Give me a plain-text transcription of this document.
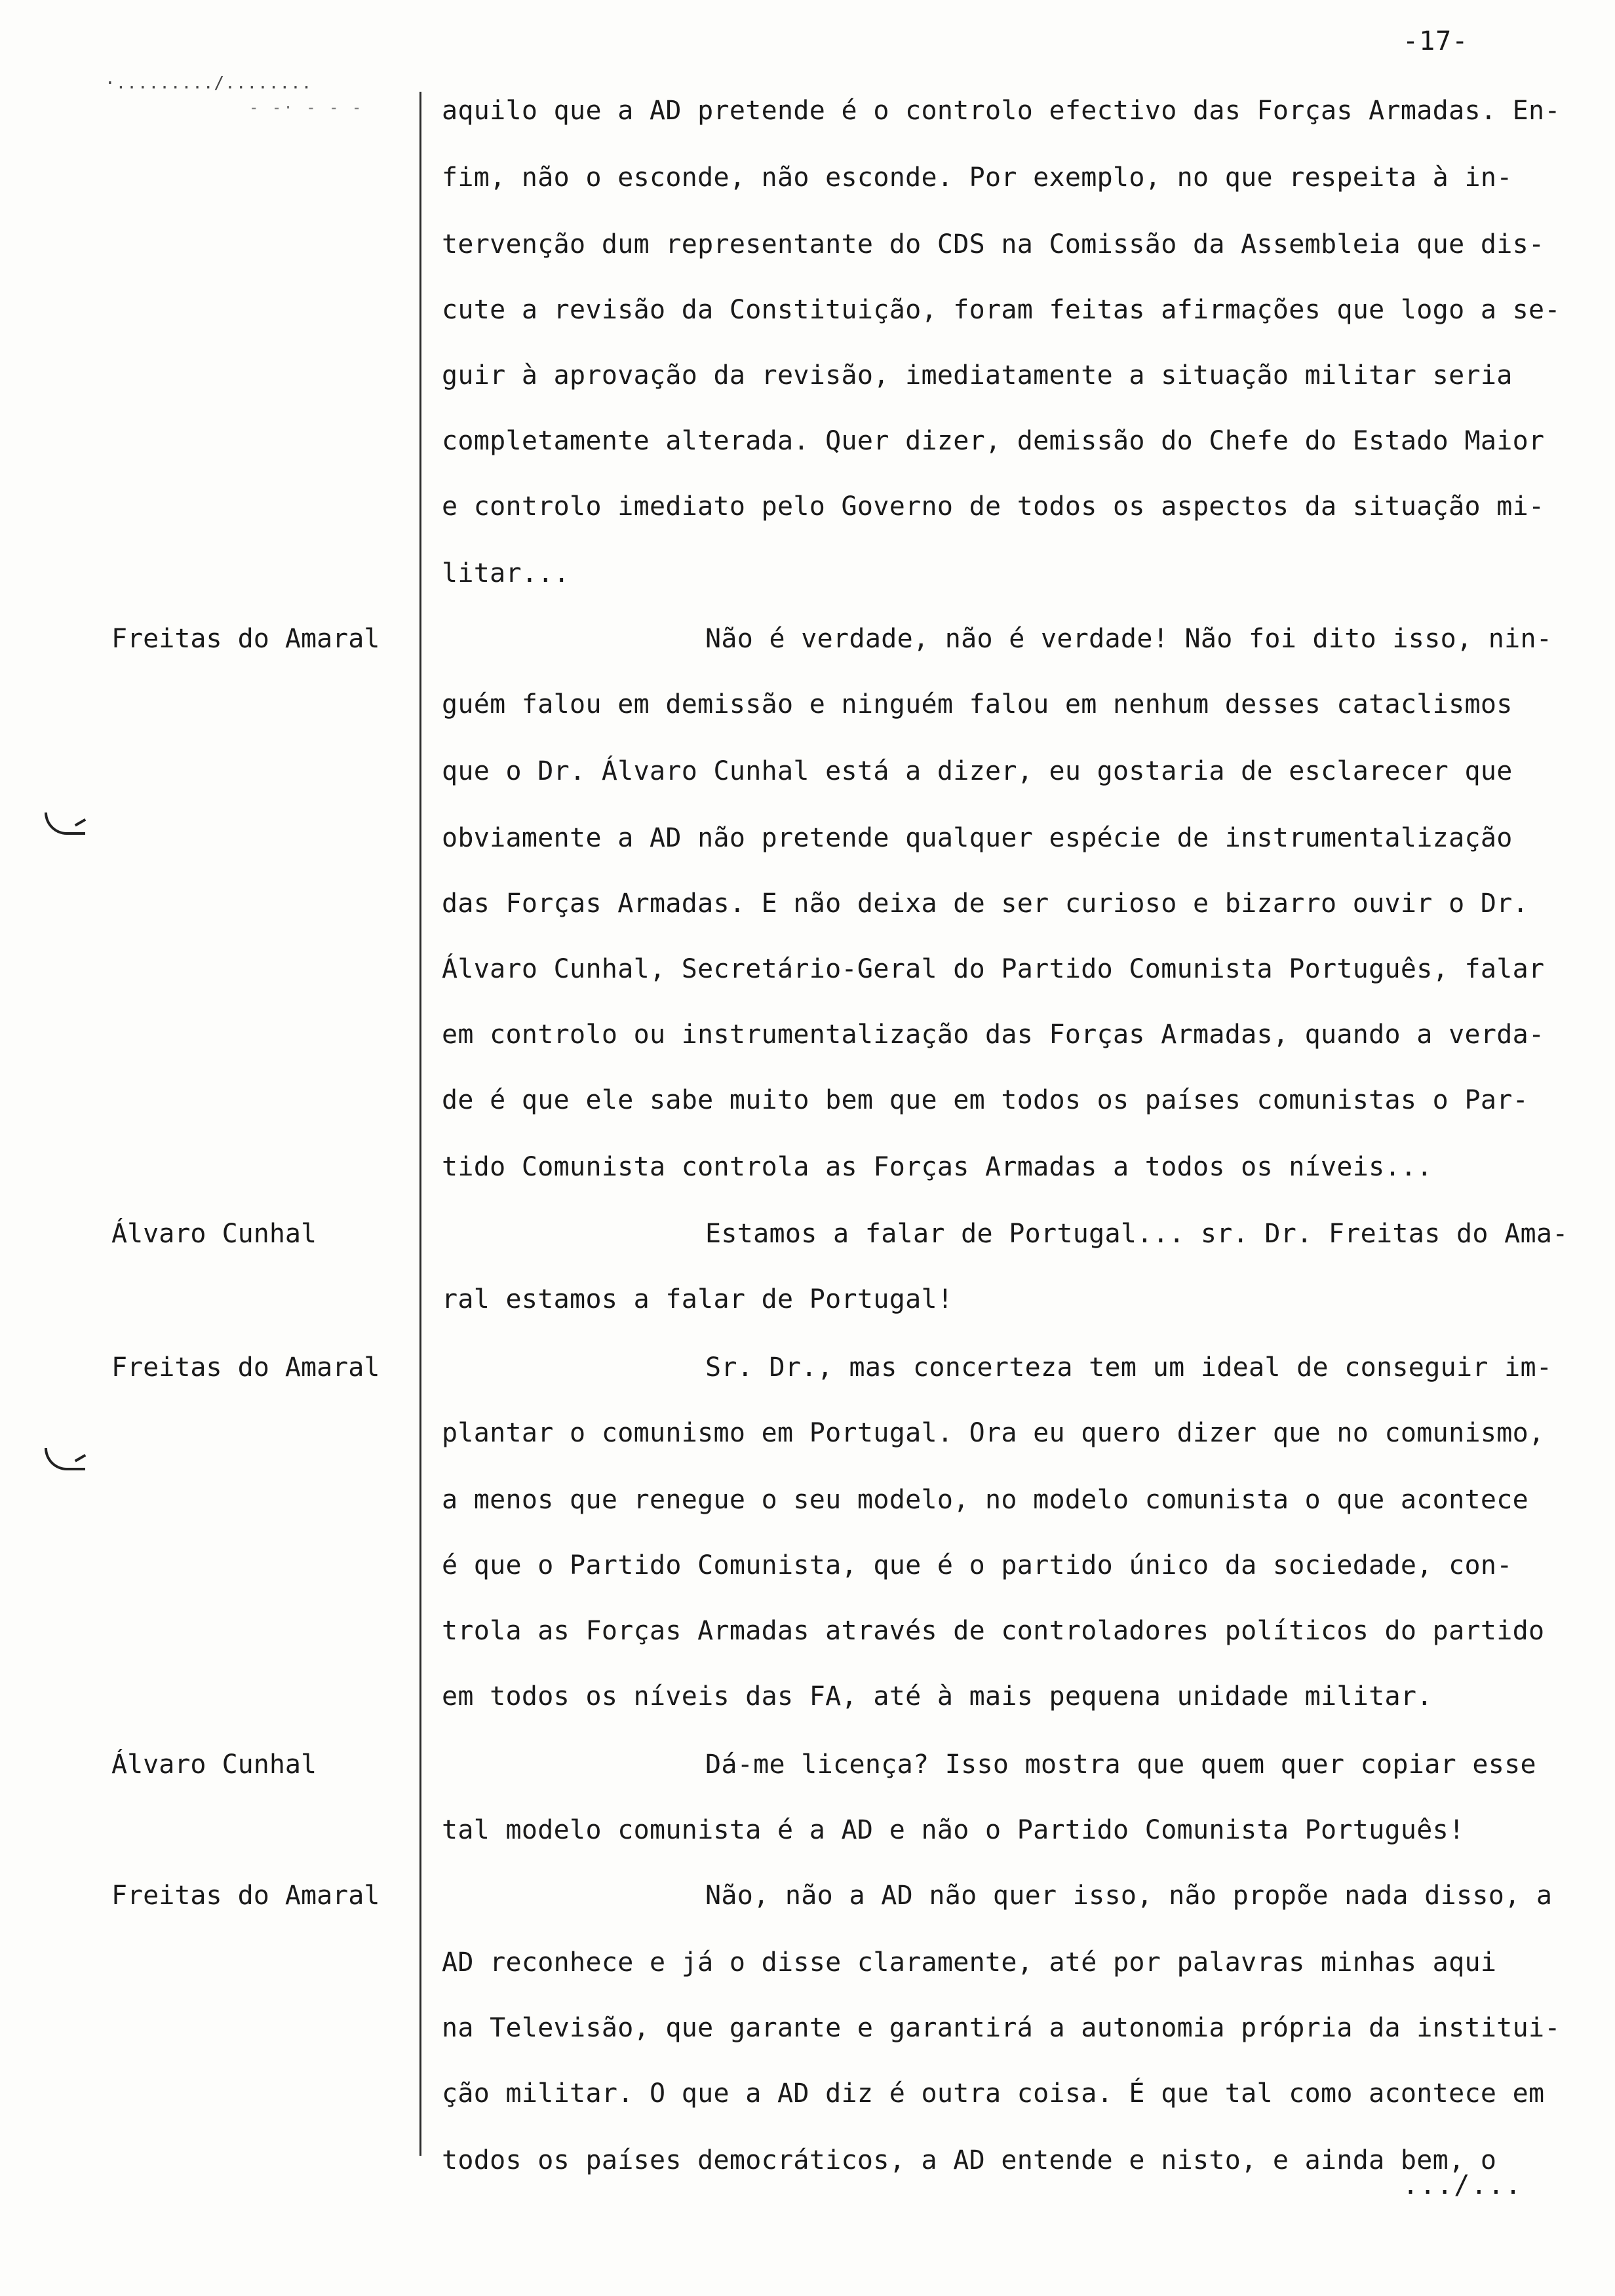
-17-
·........./........
- -· - - -
Freitas do Amaral
Álvaro Cunhal
Freitas do Amaral
Álvaro Cunhal
Freitas do Amaral
aquilo que a AD pretende é o controlo efectivo das Forças Armadas. En-
fim, não o esconde, não esconde. Por exemplo, no que respeita à in-
tervenção dum representante do CDS na Comissão da Assembleia que dis-
cute a revisão da Constituição, foram feitas afirmações que logo a se-
guir à aprovação da revisão, imediatamente a situação militar seria
completamente alterada. Quer dizer, demissão do Chefe do Estado Maior
e controlo imediato pelo Governo de todos os aspectos da situação mi-
litar...
Não é verdade, não é verdade! Não foi dito isso, nin-
guém falou em demissão e ninguém falou em nenhum desses cataclismos
que o Dr. Álvaro Cunhal está a dizer, eu gostaria de esclarecer que
obviamente a AD não pretende qualquer espécie de instrumentalização
das Forças Armadas. E não deixa de ser curioso e bizarro ouvir o Dr.
Álvaro Cunhal, Secretário-Geral do Partido Comunista Português, falar
em controlo ou instrumentalização das Forças Armadas, quando a verda-
de é que ele sabe muito bem que em todos os países comunistas o Par-
tido Comunista controla as Forças Armadas a todos os níveis...
Estamos a falar de Portugal... sr. Dr. Freitas do Ama-
ral estamos a falar de Portugal!
Sr. Dr., mas concerteza tem um ideal de conseguir im-
plantar o comunismo em Portugal. Ora eu quero dizer que no comunismo,
a menos que renegue o seu modelo, no modelo comunista o que acontece
é que o Partido Comunista, que é o partido único da sociedade, con-
trola as Forças Armadas através de controladores políticos do partido
em todos os níveis das FA, até à mais pequena unidade militar.
Dá-me licença? Isso mostra que quem quer copiar esse
tal modelo comunista é a AD e não o Partido Comunista Português!
Não, não a AD não quer isso, não propõe nada disso, a
AD reconhece e já o disse claramente, até por palavras minhas aqui
na Televisão, que garante e garantirá a autonomia própria da institui-
ção militar. O que a AD diz é outra coisa. É que tal como acontece em
todos os países democráticos, a AD entende e nisto, e ainda bem, o
.../...
